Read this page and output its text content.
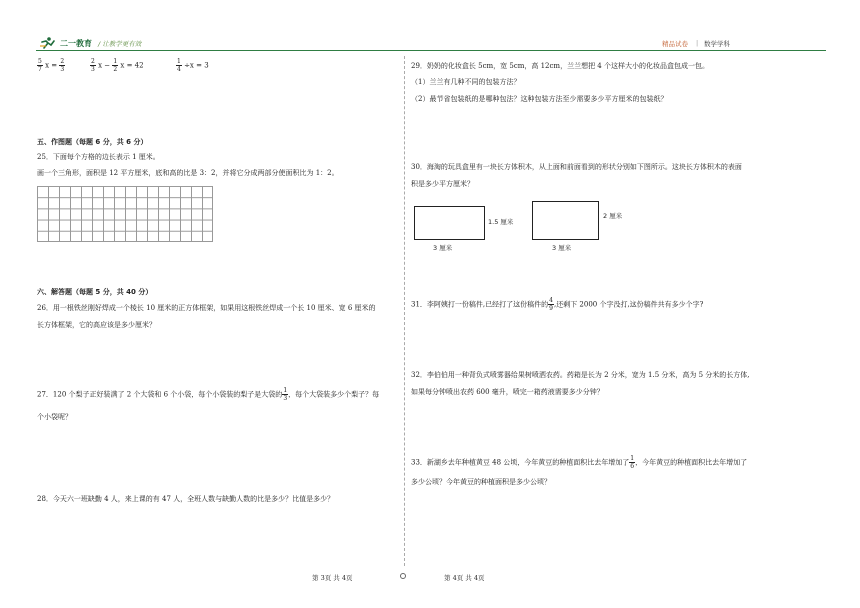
二一教育 / 让教学更有效	精品试卷 | 数学学科
$\frac{5}{7}$ $x = \frac{2}{3}$	$\frac{2}{3}$ $x - \frac{1}{2}$ x = 42	$\frac{1}{4} \div x = 3$
五、作图题（每题 6 分，共 6 分）
25．下面每个方格的边长表示 1 厘米。
画一个三角形，面积是 12 平方厘米，底和高的比是 3：2，并将它分成两部分使面积比为 1：2。
六、解答题（每题 5 分，共 40 分）
26．用一根铁丝刚好焊成一个棱长 10 厘米的正方体框架，如果用这根铁丝焊成一个长 10 厘米、宽 6 厘米的
长方体框架，它的高应该是多少厘米？
27．120 个梨子正好装满了 2 个大袋和 6 个小袋，每个小袋装的梨子是大袋的 $\frac{1}{3}$ ，每个大袋装多少个梨子？每
个小袋呢？
28．今天六一班缺勤 4 人，来上课的有 47 人，全班人数与缺勤人数的比是多少？比值是多少？
29．奶奶的化妆盒长 5cm，宽 5cm，高 12cm，兰兰想把 4 个这样大小的化妆品盒包成一包。
（1）兰兰有几种不同的包装方法？
（2）最节省包装纸的是哪种包法？这种包装方法至少需要多少平方厘米的包装纸？
30．海淘的玩具盒里有一块长方体积木，从上面和前面看到的形状分别如下图所示。这块长方体积木的表面
积是多少平方厘米？
1.5 厘米
3 厘米
2 厘米
3 厘米
31．李阿姨打一份稿件,已经打了这份稿件的 $\frac{4}{9}$ ,还剩下 2000 个字没打,这份稿件共有多少个字?
32．李伯伯用一种背负式喷雾器给果树喷洒农药。药箱是长为 2 分米，宽为 1.5 分米，高为 5 分米的长方体,
如果每分钟喷出农药 600 毫升，喷完一箱药液需要多少分钟？
33．新湖乡去年种植黄豆 48 公顷，今年黄豆的种植面积比去年增加了 $\frac{1}{6}$ ，今年黄豆的种植面积比去年增加了
多少公顷？今年黄豆的种植面积是多少公顷？
第 3页 共 4页	第 4页 共 4页
